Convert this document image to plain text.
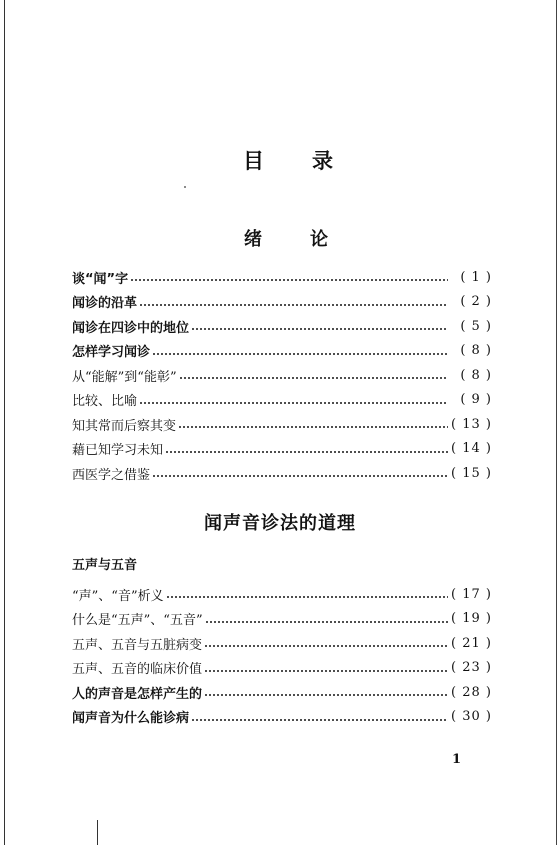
目 录
绪	论
谈“闻”字	( 1 )
闻诊的沿革	( 2 )
闻诊在四诊中的地位	( 5 )
怎样学习闻诊	( 8 )
从“能解”到“能彰”	( 8 )
比较、比喻	( 9 )
知其常而后察其变	( 13 )
藉已知学习未知	( 14 )
西医学之借鉴	( 15 )
闻声音诊法的道理
五声与五音
“声”、“音”析义	( 17 )
什么是“五声”、“五音”	( 19 )
五声、五音与五脏病变	( 21 )
五声、五音的临床价值	( 23 )
人的声音是怎样产生的	( 28 )
闻声音为什么能诊病	( 30 )
1
